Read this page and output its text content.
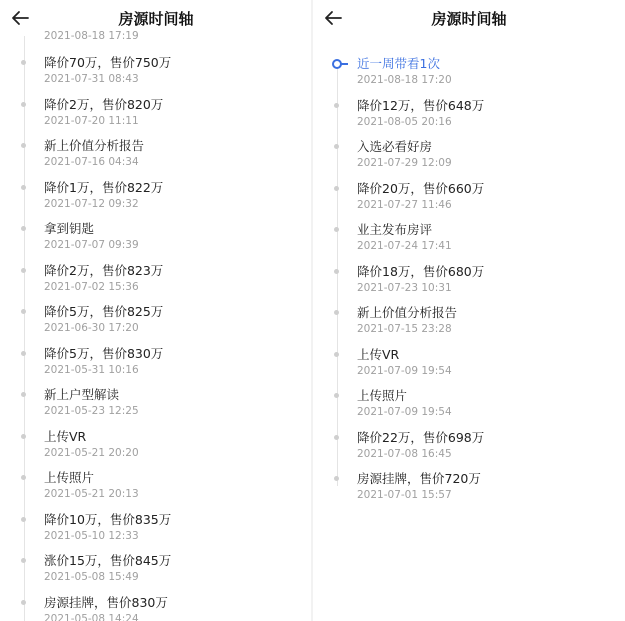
房源时间轴
2021-08-18 17:19
降价70万，售价750万
2021-07-31 08:43
降价2万，售价820万
2021-07-20 11:11
新上价值分析报告
2021-07-16 04:34
降价1万，售价822万
2021-07-12 09:32
拿到钥匙
2021-07-07 09:39
降价2万，售价823万
2021-07-02 15:36
降价5万，售价825万
2021-06-30 17:20
降价5万，售价830万
2021-05-31 10:16
新上户型解读
2021-05-23 12:25
上传VR
2021-05-21 20:20
上传照片
2021-05-21 20:13
降价10万，售价835万
2021-05-10 12:33
涨价15万，售价845万
2021-05-08 15:49
房源挂牌，售价830万
2021-05-08 14:24
房源时间轴
近一周带看1次
2021-08-18 17:20
降价12万，售价648万
2021-08-05 20:16
入选必看好房
2021-07-29 12:09
降价20万，售价660万
2021-07-27 11:46
业主发布房评
2021-07-24 17:41
降价18万，售价680万
2021-07-23 10:31
新上价值分析报告
2021-07-15 23:28
上传VR
2021-07-09 19:54
上传照片
2021-07-09 19:54
降价22万，售价698万
2021-07-08 16:45
房源挂牌，售价720万
2021-07-01 15:57
